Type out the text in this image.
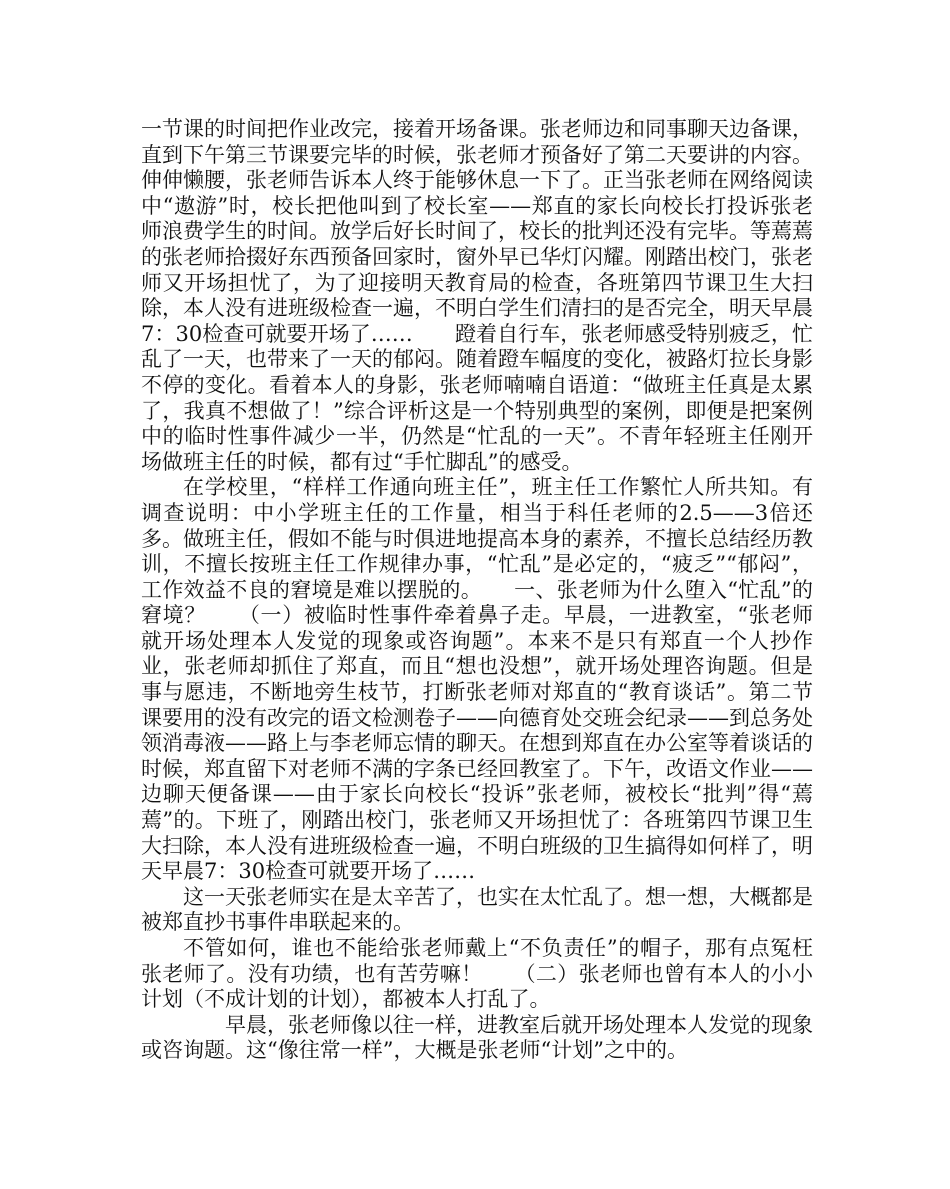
一节课的时间把作业改完，接着开场备课。张老师边和同事聊天边备课，直到下午第三节课要完毕的时候，张老师才预备好了第二天要讲的内容。伸伸懒腰，张老师告诉本人终于能够休息一下了。正当张老师在网络阅读中“遨游”时，校长把他叫到了校长室——郑直的家长向校长打投诉张老师浪费学生的时间。放学后好长时间了，校长的批判还没有完毕。等蔫蔫的张老师拾掇好东西预备回家时，窗外早已华灯闪耀。刚踏出校门，张老师又开场担忧了，为了迎接明天教育局的检查，各班第四节课卫生大扫除，本人没有进班级检查一遍，不明白学生们清扫的是否完全，明天早晨7：30检查可就要开场了……　　蹬着自行车，张老师感受特别疲乏，忙乱了一天，也带来了一天的郁闷。随着蹬车幅度的变化，被路灯拉长身影不停的变化。看着本人的身影，张老师喃喃自语道：“做班主任真是太累了，我真不想做了！”综合评析这是一个特别典型的案例，即便是把案例中的临时性事件减少一半，仍然是“忙乱的一天”。不青年轻班主任刚开场做班主任的时候，都有过“手忙脚乱”的感受。

在学校里，“样样工作通向班主任”，班主任工作繁忙人所共知。有调查说明：中小学班主任的工作量，相当于科任老师的2.5——3倍还多。做班主任，假如不能与时俱进地提高本身的素养，不擅长总结经历教训，不擅长按班主任工作规律办事，“忙乱”是必定的，“疲乏”“郁闷”，工作效益不良的窘境是难以摆脱的。　　一、张老师为什么堕入“忙乱”的窘境？　　（一）被临时性事件牵着鼻子走。早晨，一进教室，“张老师就开场处理本人发觉的现象或咨询题”。本来不是只有郑直一个人抄作业，张老师却抓住了郑直，而且“想也没想”，就开场处理咨询题。但是事与愿违，不断地旁生枝节，打断张老师对郑直的“教育谈话”。第二节课要用的没有改完的语文检测卷子——向德育处交班会纪录——到总务处领消毒液——路上与李老师忘情的聊天。在想到郑直在办公室等着谈话的时候，郑直留下对老师不满的字条已经回教室了。下午，改语文作业——边聊天便备课——由于家长向校长“投诉”张老师，被校长“批判”得“蔫蔫”的。下班了，刚踏出校门，张老师又开场担忧了：各班第四节课卫生大扫除，本人没有进班级检查一遍，不明白班级的卫生搞得如何样了，明天早晨7：30检查可就要开场了……

这一天张老师实在是太辛苦了，也实在太忙乱了。想一想，大概都是被郑直抄书事件串联起来的。

不管如何，谁也不能给张老师戴上“不负责任”的帽子，那有点冤枉张老师了。没有功绩，也有苦劳嘛！　　（二）张老师也曾有本人的小小计划（不成计划的计划），都被本人打乱了。

早晨，张老师像以往一样，进教室后就开场处理本人发觉的现象或咨询题。这“像往常一样”，大概是张老师“计划”之中的。
